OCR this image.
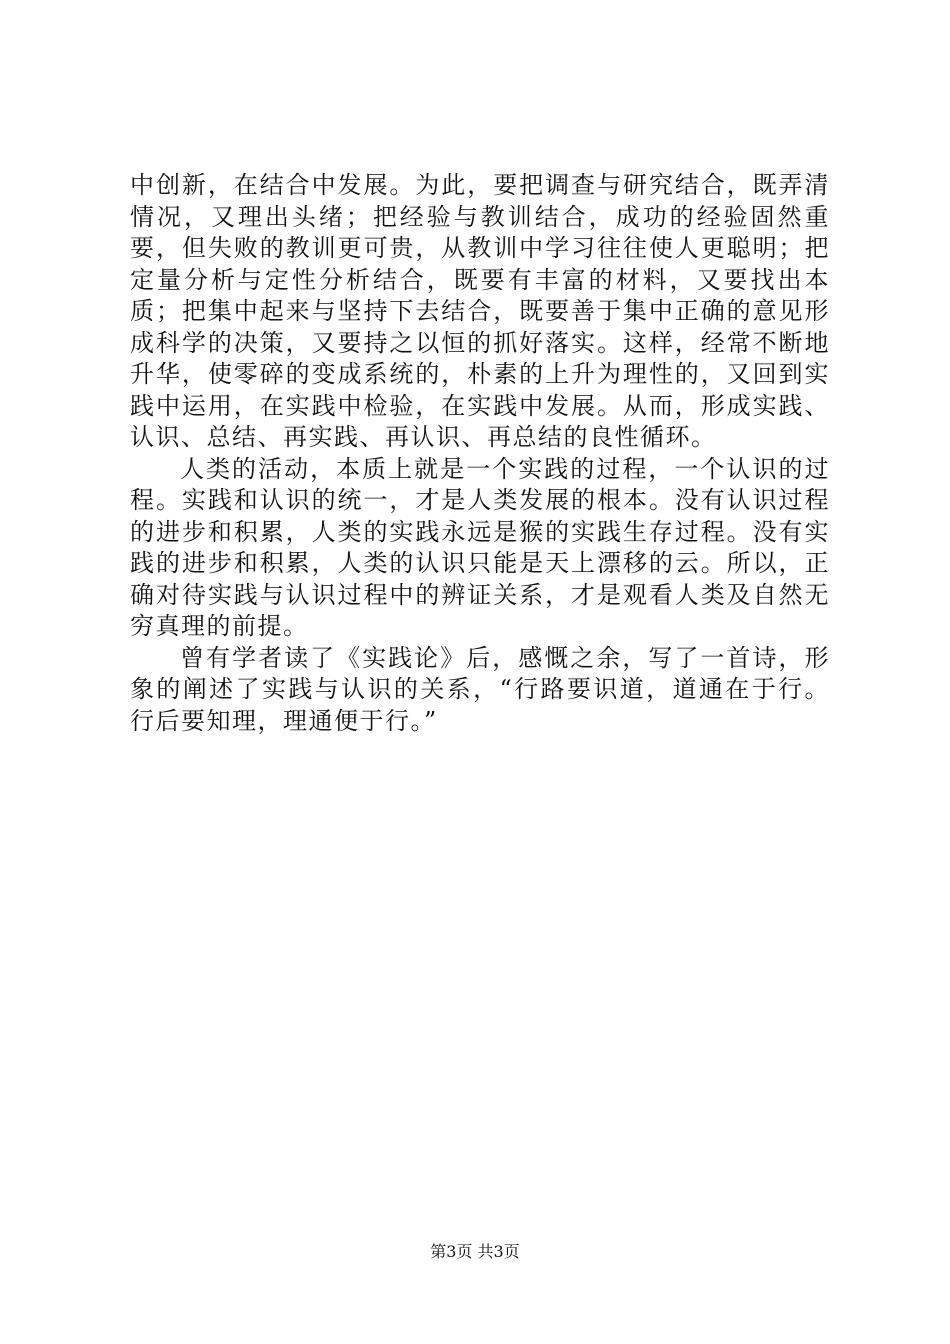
中创新，在结合中发展。为此，要把调查与研究结合，既弄清情况，又理出头绪；把经验与教训结合，成功的经验固然重要，但失败的教训更可贵，从教训中学习往往使人更聪明；把定量分析与定性分析结合，既要有丰富的材料，又要找出本质；把集中起来与坚持下去结合，既要善于集中正确的意见形成科学的决策，又要持之以恒的抓好落实。这样，经常不断地升华，使零碎的变成系统的，朴素的上升为理性的，又回到实践中运用，在实践中检验，在实践中发展。从而，形成实践、认识、总结、再实践、再认识、再总结的良性循环。

人类的活动，本质上就是一个实践的过程，一个认识的过程。实践和认识的统一，才是人类发展的根本。没有认识过程的进步和积累，人类的实践永远是猴的实践生存过程。没有实践的进步和积累，人类的认识只能是天上漂移的云。所以，正确对待实践与认识过程中的辨证关系，才是观看人类及自然无穷真理的前提。

曾有学者读了《实践论》后，感慨之余，写了一首诗，形象的阐述了实践与认识的关系，“行路要识道，道通在于行。行后要知理，理通便于行。”

第3页 共3页
